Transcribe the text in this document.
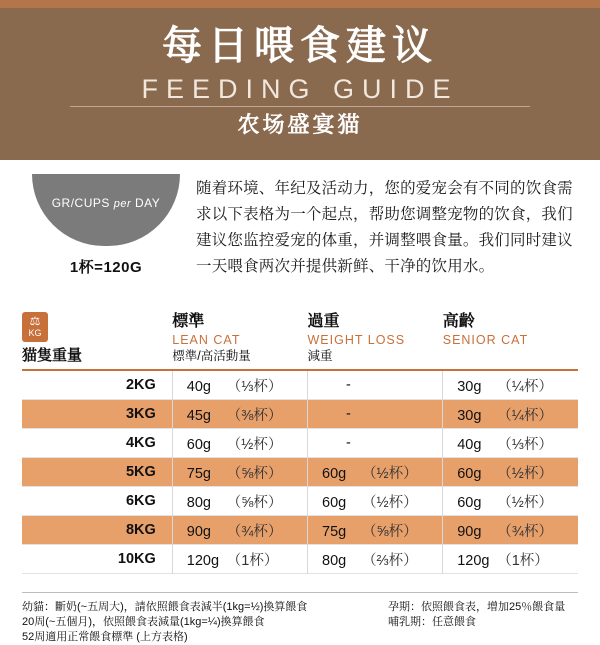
每日喂食建议
FEEDING GUIDE
农场盛宴猫

GR/CUPS per DAY
1杯=120G
随着环境、年纪及活动力，您的爱宠会有不同的饮食需求以下表格为一个起点，帮助您调整宠物的饮食，我们建议您监控爱宠的体重，并调整喂食量。我们同时建议一天喂食两次并提供新鲜、干净的饮用水。
⚖
KG
猫隻重量

標準
LEAN CAT
標準/高活動量

過重
WEIGHT LOSS
減重

高齡
SENIOR CAT

2KG	40g （⅓杯）	-	30g （¼杯）
3KG	45g （⅜杯）	-	30g （¼杯）
4KG	60g （½杯）	-	40g （⅓杯）
5KG	75g （⅝杯）	60g （½杯）	60g （½杯）
6KG	80g （⅝杯）	60g （½杯）	60g （½杯）
8KG	90g （¾杯）	75g （⅝杯）	90g （¾杯）
10KG	120g （1杯）	80g （⅔杯）	120g （1杯）
幼貓：斷奶(~五周大)，請依照餵食表減半(1kg=½)換算餵食
20周(~五個月)，依照餵食表減量(1kg=¼)換算餵食
52周適用正常餵食標準 (上方表格)
孕期：依照餵食表，增加25％餵食量
哺乳期：任意餵食
